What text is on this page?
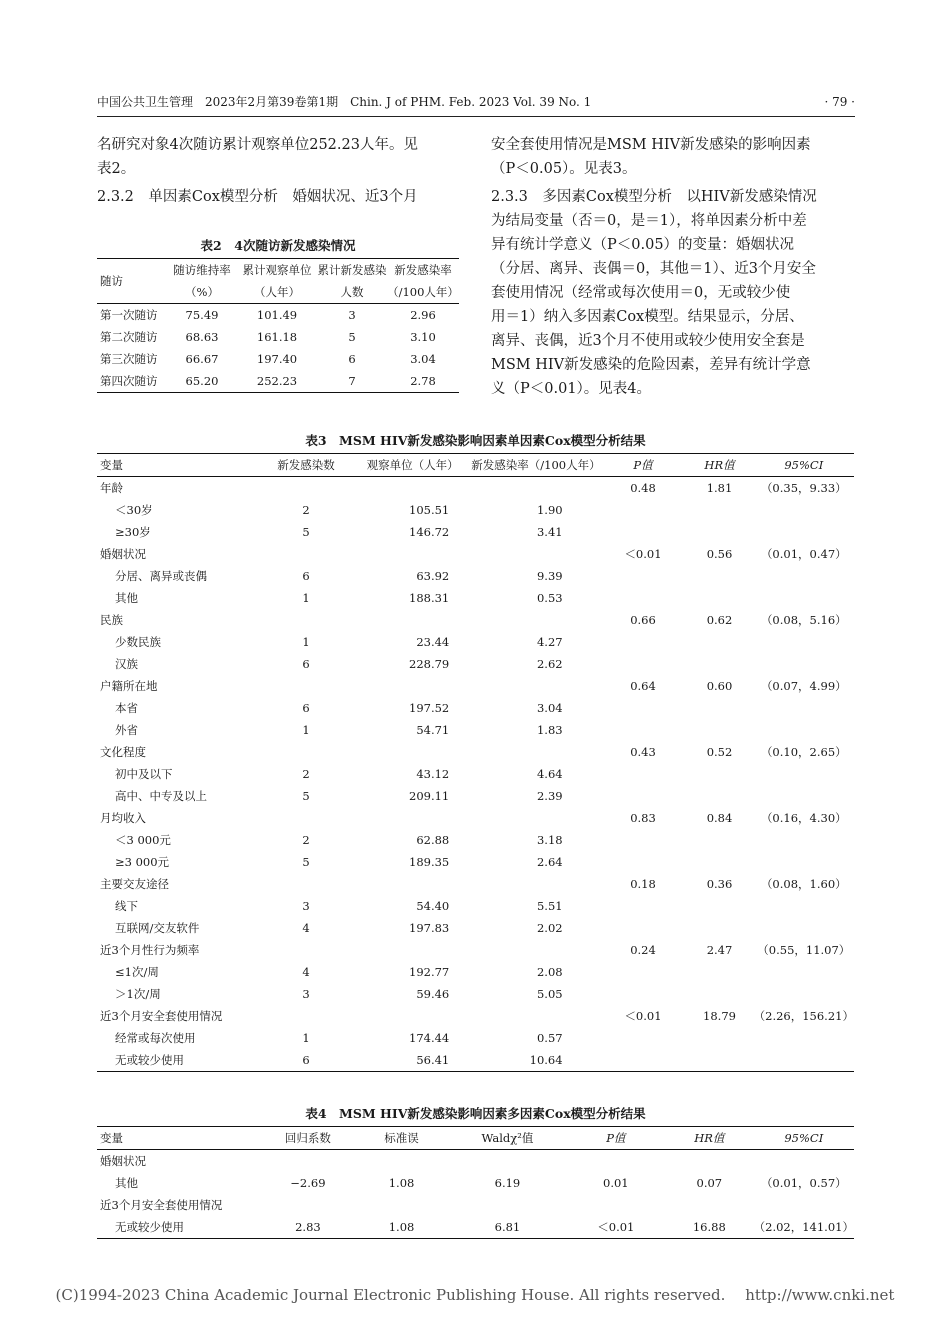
中国公共卫生管理　2023年2月第39卷第1期　Chin. J of PHM. Feb. 2023 Vol. 39 No. 1	· 79 ·
名研究对象4次随访累计观察单位252.23人年。见
表2。
2.3.2　单因素Cox模型分析　婚姻状况、近3个月
安全套使用情况是MSM HIV新发感染的影响因素
（P＜0.05）。见表3。
2.3.3　多因素Cox模型分析　以HIV新发感染情况
为结局变量（否＝0，是＝1），将单因素分析中差
异有统计学意义（P＜0.05）的变量：婚姻状况
（分居、离异、丧偶＝0，其他＝1）、近3个月安全
套使用情况（经常或每次使用＝0，无或较少使
用＝1）纳入多因素Cox模型。结果显示，分居、
离异、丧偶，近3个月不使用或较少使用安全套是
MSM HIV新发感染的危险因素，差异有统计学意
义（P＜0.01）。见表4。
表2　4次随访新发感染情况
随访	随访维持率	累计观察单位	累计新发感染	新发感染率
	（%）	（人年）	人数	（/100人年）
第一次随访	75.49	101.49	3	2.96
第二次随访	68.63	161.18	5	3.10
第三次随访	66.67	197.40	6	3.04
第四次随访	65.20	252.23	7	2.78
表3　MSM HIV新发感染影响因素单因素Cox模型分析结果
变量	新发感染数	观察单位（人年）	新发感染率（/100人年）	P值	HR值	95%CI
年龄				0.48	1.81	（0.35，9.33）
＜30岁	2	105.51	1.90			
≥30岁	5	146.72	3.41			
婚姻状况				＜0.01	0.56	（0.01，0.47）
分居、离异或丧偶	6	63.92	9.39			
其他	1	188.31	0.53			
民族				0.66	0.62	（0.08，5.16）
少数民族	1	23.44	4.27			
汉族	6	228.79	2.62			
户籍所在地				0.64	0.60	（0.07，4.99）
本省	6	197.52	3.04			
外省	1	54.71	1.83			
文化程度				0.43	0.52	（0.10，2.65）
初中及以下	2	43.12	4.64			
高中、中专及以上	5	209.11	2.39			
月均收入				0.83	0.84	（0.16，4.30）
＜3 000元	2	62.88	3.18			
≥3 000元	5	189.35	2.64			
主要交友途径				0.18	0.36	（0.08，1.60）
线下	3	54.40	5.51			
互联网/交友软件	4	197.83	2.02			
近3个月性行为频率				0.24	2.47	（0.55，11.07）
≤1次/周	4	192.77	2.08			
＞1次/周	3	59.46	5.05			
近3个月安全套使用情况				＜0.01	18.79	（2.26，156.21）
经常或每次使用	1	174.44	0.57			
无或较少使用	6	56.41	10.64			
表4　MSM HIV新发感染影响因素多因素Cox模型分析结果
变量	回归系数	标准误	Waldχ²值	P值	HR值	95%CI
婚姻状况						
其他	−2.69	1.08	6.19	0.01	0.07	（0.01，0.57）
近3个月安全套使用情况						
无或较少使用	2.83	1.08	6.81	＜0.01	16.88	（2.02，141.01）
(C)1994-2023 China Academic Journal Electronic Publishing House. All rights reserved.　 http://www.cnki.net
